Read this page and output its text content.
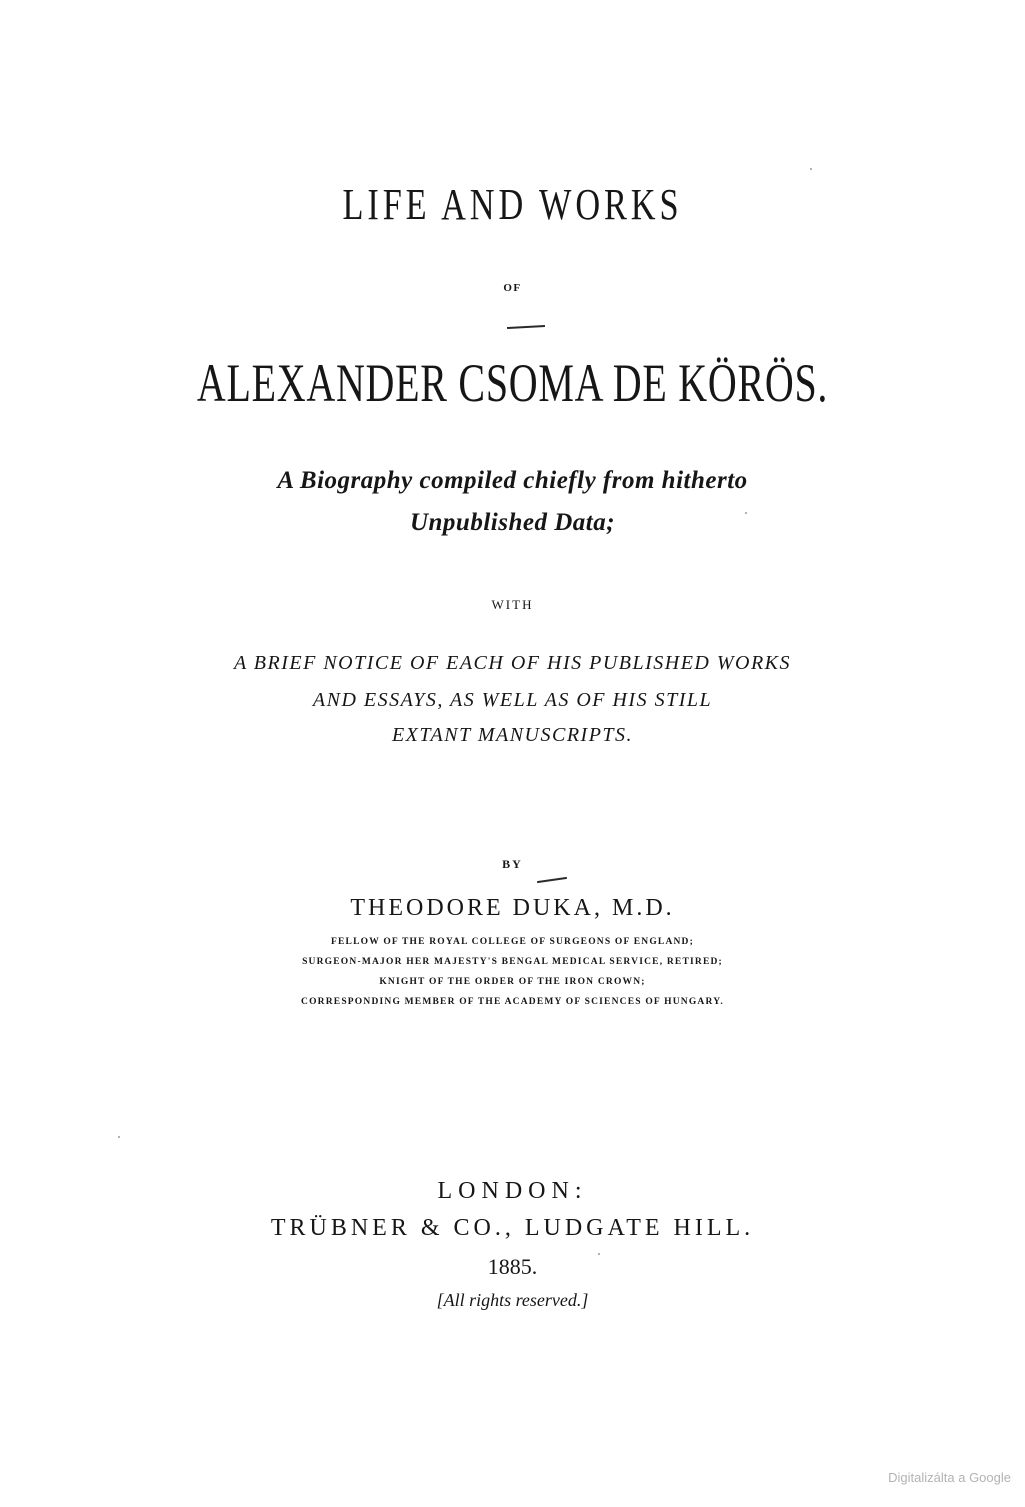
LIFE AND WORKS
OF
ALEXANDER CSOMA DE KÖRÖS.
A Biography compiled chiefly from hitherto
Unpublished Data;
WITH
A BRIEF NOTICE OF EACH OF HIS PUBLISHED WORKS
AND ESSAYS, AS WELL AS OF HIS STILL
EXTANT MANUSCRIPTS.
BY
THEODORE DUKA, M.D.
FELLOW OF THE ROYAL COLLEGE OF SURGEONS OF ENGLAND;
SURGEON-MAJOR HER MAJESTY'S BENGAL MEDICAL SERVICE, RETIRED;
KNIGHT OF THE ORDER OF THE IRON CROWN;
CORRESPONDING MEMBER OF THE ACADEMY OF SCIENCES OF HUNGARY.
LONDON:
TRÜBNER & CO., LUDGATE HILL.
1885.
[All rights reserved.]
Digitalizálta a Google
